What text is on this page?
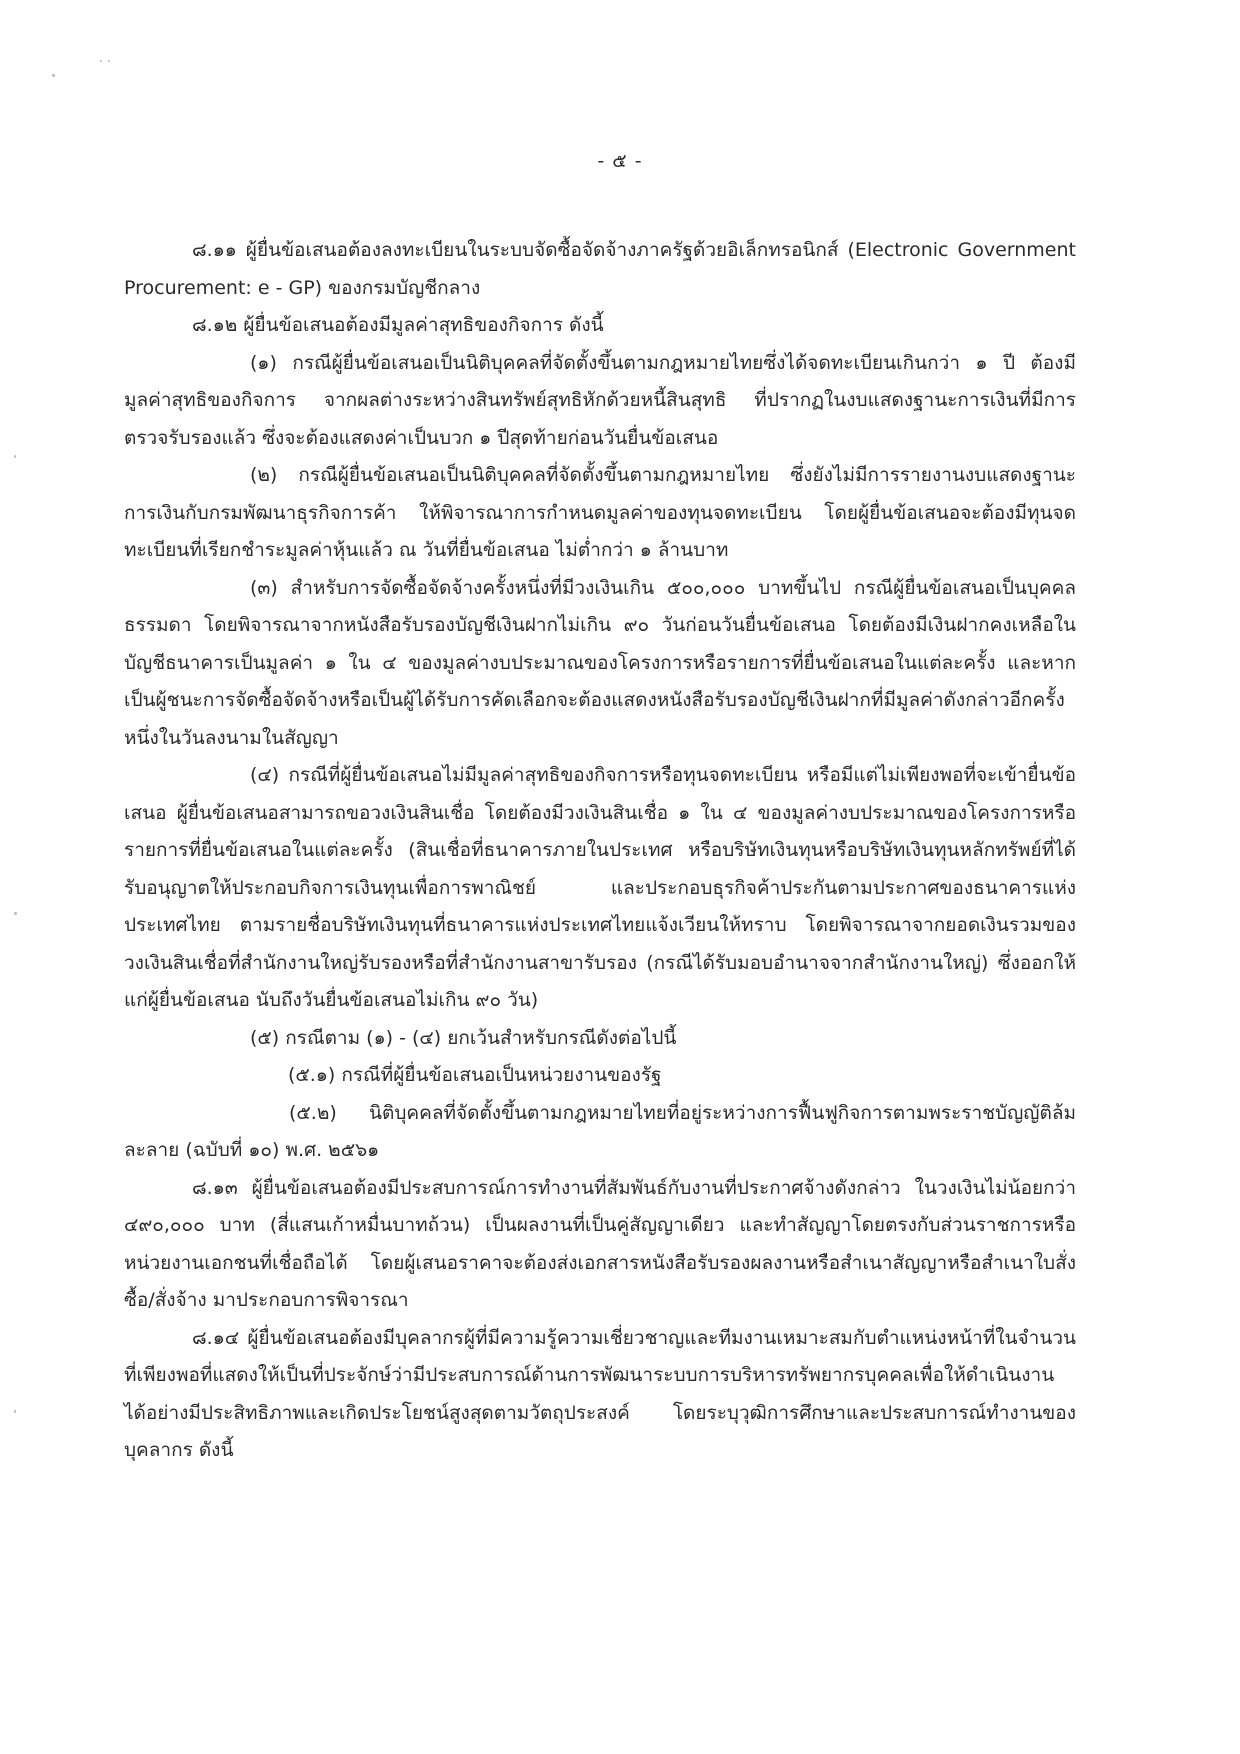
- ๕ -

๘.๑๑ ผู้ยื่นข้อเสนอต้องลงทะเบียนในระบบจัดซื้อจัดจ้างภาครัฐด้วยอิเล็กทรอนิกส์ (Electronic Government Procurement: e - GP) ของกรมบัญชีกลาง

๘.๑๒ ผู้ยื่นข้อเสนอต้องมีมูลค่าสุทธิของกิจการ ดังนี้

(๑) กรณีผู้ยื่นข้อเสนอเป็นนิติบุคคลที่จัดตั้งขึ้นตามกฎหมายไทยซึ่งได้จดทะเบียนเกินกว่า ๑ ปี ต้องมีมูลค่าสุทธิของกิจการ จากผลต่างระหว่างสินทรัพย์สุทธิหักด้วยหนี้สินสุทธิ ที่ปรากฏในงบแสดงฐานะการเงินที่มีการตรวจรับรองแล้ว ซึ่งจะต้องแสดงค่าเป็นบวก ๑ ปีสุดท้ายก่อนวันยื่นข้อเสนอ

(๒) กรณีผู้ยื่นข้อเสนอเป็นนิติบุคคลที่จัดตั้งขึ้นตามกฎหมายไทย ซึ่งยังไม่มีการรายงานงบแสดงฐานะการเงินกับกรมพัฒนาธุรกิจการค้า ให้พิจารณาการกำหนดมูลค่าของทุนจดทะเบียน โดยผู้ยื่นข้อเสนอจะต้องมีทุนจดทะเบียนที่เรียกชำระมูลค่าหุ้นแล้ว ณ วันที่ยื่นข้อเสนอ ไม่ต่ำกว่า ๑ ล้านบาท

(๓) สำหรับการจัดซื้อจัดจ้างครั้งหนึ่งที่มีวงเงินเกิน ๕๐๐,๐๐๐ บาทขึ้นไป กรณีผู้ยื่นข้อเสนอเป็นบุคคลธรรมดา โดยพิจารณาจากหนังสือรับรองบัญชีเงินฝากไม่เกิน ๙๐ วันก่อนวันยื่นข้อเสนอ โดยต้องมีเงินฝากคงเหลือในบัญชีธนาคารเป็นมูลค่า ๑ ใน ๔ ของมูลค่างบประมาณของโครงการหรือรายการที่ยื่นข้อเสนอในแต่ละครั้ง และหากเป็นผู้ชนะการจัดซื้อจัดจ้างหรือเป็นผู้ได้รับการคัดเลือกจะต้องแสดงหนังสือรับรองบัญชีเงินฝากที่มีมูลค่าดังกล่าวอีกครั้งหนึ่งในวันลงนามในสัญญา

(๔) กรณีที่ผู้ยื่นข้อเสนอไม่มีมูลค่าสุทธิของกิจการหรือทุนจดทะเบียน หรือมีแต่ไม่เพียงพอที่จะเข้ายื่นข้อเสนอ ผู้ยื่นข้อเสนอสามารถขอวงเงินสินเชื่อ โดยต้องมีวงเงินสินเชื่อ ๑ ใน ๔ ของมูลค่างบประมาณของโครงการหรือรายการที่ยื่นข้อเสนอในแต่ละครั้ง (สินเชื่อที่ธนาคารภายในประเทศ หรือบริษัทเงินทุนหรือบริษัทเงินทุนหลักทรัพย์ที่ได้รับอนุญาตให้ประกอบกิจการเงินทุนเพื่อการพาณิชย์ และประกอบธุรกิจค้าประกันตามประกาศของธนาคารแห่งประเทศไทย ตามรายชื่อบริษัทเงินทุนที่ธนาคารแห่งประเทศไทยแจ้งเวียนให้ทราบ โดยพิจารณาจากยอดเงินรวมของวงเงินสินเชื่อที่สำนักงานใหญ่รับรองหรือที่สำนักงานสาขารับรอง (กรณีได้รับมอบอำนาจจากสำนักงานใหญ่) ซึ่งออกให้แก่ผู้ยื่นข้อเสนอ นับถึงวันยื่นข้อเสนอไม่เกิน ๙๐ วัน)

(๕) กรณีตาม (๑) - (๔) ยกเว้นสำหรับกรณีดังต่อไปนี้

(๕.๑) กรณีที่ผู้ยื่นข้อเสนอเป็นหน่วยงานของรัฐ

(๕.๒) นิติบุคคลที่จัดตั้งขึ้นตามกฎหมายไทยที่อยู่ระหว่างการฟื้นฟูกิจการตามพระราชบัญญัติล้มละลาย (ฉบับที่ ๑๐) พ.ศ. ๒๕๖๑

๘.๑๓ ผู้ยื่นข้อเสนอต้องมีประสบการณ์การทำงานที่สัมพันธ์กับงานที่ประกาศจ้างดังกล่าว ในวงเงินไม่น้อยกว่า ๔๙๐,๐๐๐ บาท (สี่แสนเก้าหมื่นบาทถ้วน) เป็นผลงานที่เป็นคู่สัญญาเดียว และทำสัญญาโดยตรงกับส่วนราชการหรือหน่วยงานเอกชนที่เชื่อถือได้ โดยผู้เสนอราคาจะต้องส่งเอกสารหนังสือรับรองผลงานหรือสำเนาสัญญาหรือสำเนาใบสั่งซื้อ/สั่งจ้าง มาประกอบการพิจารณา

๘.๑๔ ผู้ยื่นข้อเสนอต้องมีบุคลากรผู้ที่มีความรู้ความเชี่ยวชาญและทีมงานเหมาะสมกับตำแหน่งหน้าที่ในจำนวนที่เพียงพอที่แสดงให้เป็นที่ประจักษ์ว่ามีประสบการณ์ด้านการพัฒนาระบบการบริหารทรัพยากรบุคคลเพื่อให้ดำเนินงานได้อย่างมีประสิทธิภาพและเกิดประโยชน์สูงสุดตามวัตถุประสงค์ โดยระบุวุฒิการศึกษาและประสบการณ์ทำงานของบุคลากร ดังนี้
